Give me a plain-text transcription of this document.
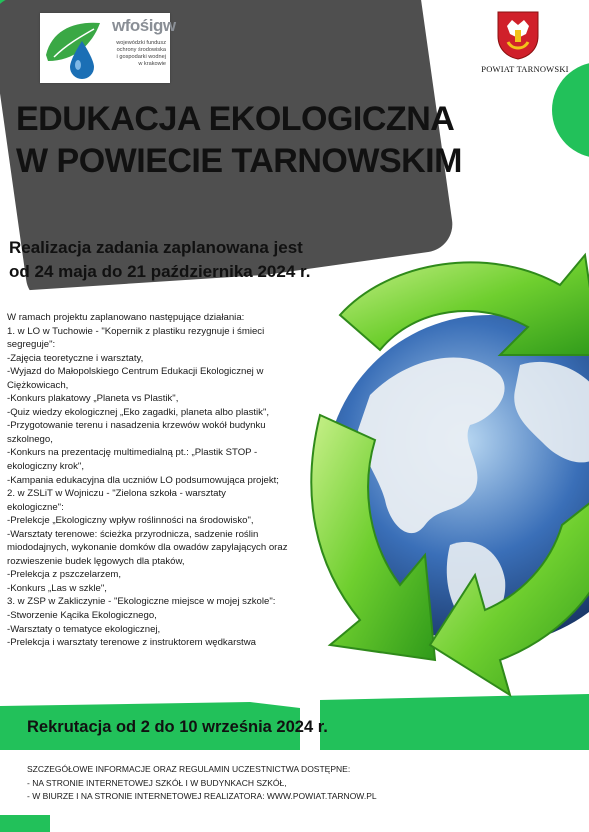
wfośigw
wojewódzki fundusz
ochrony środowiska
i gospodarki wodnej
w krakowie	POWIAT TARNOWSKI
EDUKACJA EKOLOGICZNA
W POWIECIE TARNOWSKIM
Realizacja zadania zaplanowana jest
od 24 maja do 21 października 2024 r.
W ramach projektu zaplanowano następujące działania:
1. w LO w Tuchowie - "Kopernik z plastiku rezygnuje i śmieci
segreguje":
-Zajęcia teoretyczne i warsztaty,
-Wyjazd do Małopolskiego Centrum Edukacji Ekologicznej w
Ciężkowicach,
-Konkurs plakatowy „Planeta vs Plastik",
-Quiz wiedzy ekologicznej „Eko zagadki, planeta albo plastik",
-Przygotowanie terenu i nasadzenia krzewów wokół budynku
szkolnego,
-Konkurs na prezentację multimedialną pt.: „Plastik STOP -
ekologiczny krok",
-Kampania edukacyjna dla uczniów LO podsumowująca projekt;
2. w ZSLiT w Wojniczu - "Zielona szkoła - warsztaty
ekologiczne":
-Prelekcje „Ekologiczny wpływ roślinności na środowisko",
-Warsztaty terenowe: ścieżka przyrodnicza, sadzenie roślin
miododajnych, wykonanie domków dla owadów zapylających oraz
rozwieszenie budek lęgowych dla ptaków,
-Prelekcja z pszczelarzem,
-Konkurs „Las w szkle",
3. w ZSP w Zakliczynie - "Ekologiczne miejsce w mojej szkole":
-Stworzenie Kącika Ekologicznego,
-Warsztaty o tematyce ekologicznej,
-Prelekcja i warsztaty terenowe z instruktorem wędkarstwa
Rekrutacja od 2 do 10 września 2024 r.
SZCZEGÓŁOWE INFORMACJE ORAZ REGULAMIN UCZESTNICTWA DOSTĘPNE:
- NA STRONIE INTERNETOWEJ SZKÓŁ I W BUDYNKACH SZKÓŁ,
- W BIURZE I NA STRONIE INTERNETOWEJ REALIZATORA: WWW.POWIAT.TARNOW.PL
